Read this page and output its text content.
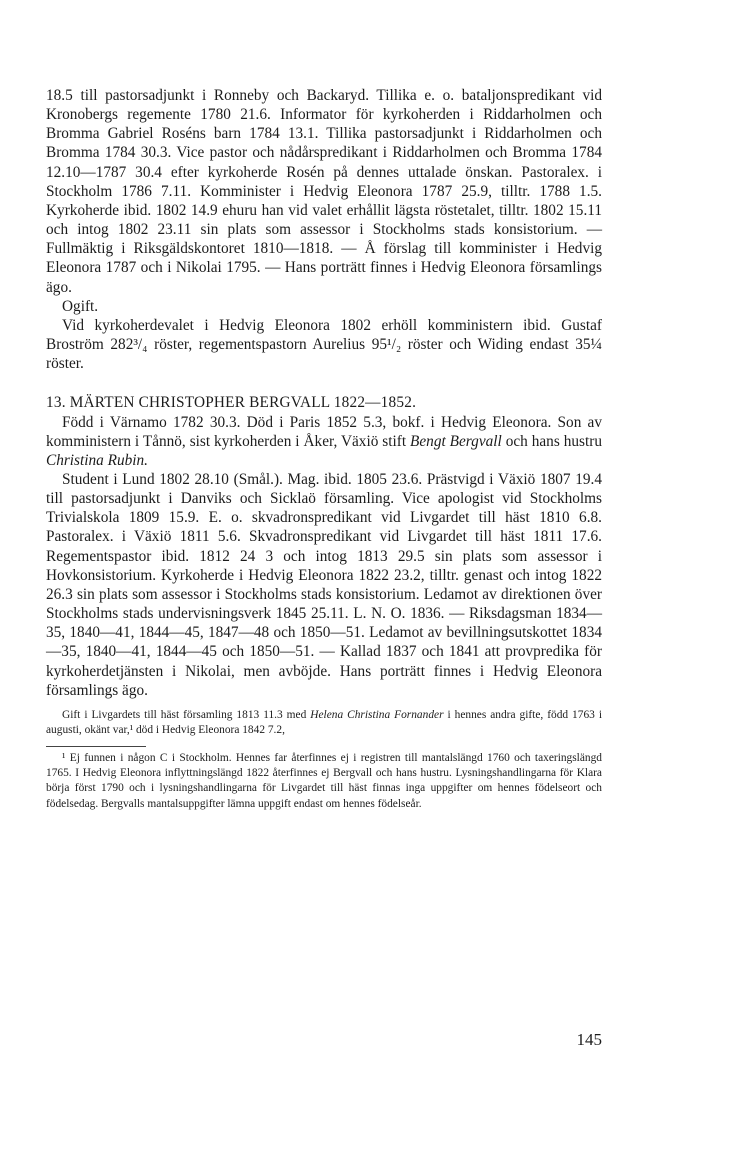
18.5 till pastorsadjunkt i Ronneby och Backaryd. Tillika e. o. bataljonspredikant vid Kronobergs regemente 1780 21.6. Informator för kyrkoherden i Riddarholmen och Bromma Gabriel Roséns barn 1784 13.1. Tillika pastorsadjunkt i Riddarholmen och Bromma 1784 30.3. Vice pastor och nådårspredikant i Riddarholmen och Bromma 1784 12.10—1787 30.4 efter kyrkoherde Rosén på dennes uttalade önskan. Pastoralex. i Stockholm 1786 7.11. Komminister i Hedvig Eleonora 1787 25.9, tilltr. 1788 1.5. Kyrkoherde ibid. 1802 14.9 ehuru han vid valet erhållit lägsta röstetalet, tilltr. 1802 15.11 och intog 1802 23.11 sin plats som assessor i Stockholms stads konsistorium. — Fullmäktig i Riksgäldskontoret 1810—1818. — Å förslag till komminister i Hedvig Eleonora 1787 och i Nikolai 1795. — Hans porträtt finnes i Hedvig Eleonora församlings ägo.

Ogift.

Vid kyrkoherdevalet i Hedvig Eleonora 1802 erhöll komministern ibid. Gustaf Broström 282³/₄ röster, regementspastorn Aurelius 95¹/₂ röster och Widing endast 35¼ röster.

13. MÄRTEN CHRISTOPHER BERGVALL 1822—1852.

Född i Värnamo 1782 30.3. Död i Paris 1852 5.3, bokf. i Hedvig Eleonora. Son av komministern i Tånnö, sist kyrkoherden i Åker, Växiö stift Bengt Bergvall och hans hustru Christina Rubin.

Student i Lund 1802 28.10 (Smål.). Mag. ibid. 1805 23.6. Prästvigd i Växiö 1807 19.4 till pastorsadjunkt i Danviks och Sicklaö församling. Vice apologist vid Stockholms Trivialskola 1809 15.9. E. o. skvadronspredikant vid Livgardet till häst 1810 6.8. Pastoralex. i Växiö 1811 5.6. Skvadronspredikant vid Livgardet till häst 1811 17.6. Regementspastor ibid. 1812 24 3 och intog 1813 29.5 sin plats som assessor i Hovkonsistorium. Kyrkoherde i Hedvig Eleonora 1822 23.2, tilltr. genast och intog 1822 26.3 sin plats som assessor i Stockholms stads konsistorium. Ledamot av direktionen över Stockholms stads undervisningsverk 1845 25.11. L. N. O. 1836. — Riksdagsman 1834—35, 1840—41, 1844—45, 1847—48 och 1850—51. Ledamot av bevillningsutskottet 1834—35, 1840—41, 1844—45 och 1850—51. — Kallad 1837 och 1841 att provpredika för kyrkoherdetjänsten i Nikolai, men avböjde. Hans porträtt finnes i Hedvig Eleonora församlings ägo.

Gift i Livgardets till häst församling 1813 11.3 med Helena Christina Fornander i hennes andra gifte, född 1763 i augusti, okänt var,¹ död i Hedvig Eleonora 1842 7.2,

¹ Ej funnen i någon C i Stockholm. Hennes far återfinnes ej i registren till mantalslängd 1760 och taxeringslängd 1765. I Hedvig Eleonora inflyttningslängd 1822 återfinnes ej Bergvall och hans hustru. Lysningshandlingarna för Klara börja först 1790 och i lysningshandlingarna för Livgardet till häst finnas inga uppgifter om hennes födelseort och födelsedag. Bergvalls mantalsuppgifter lämna uppgift endast om hennes födelseår.

145
